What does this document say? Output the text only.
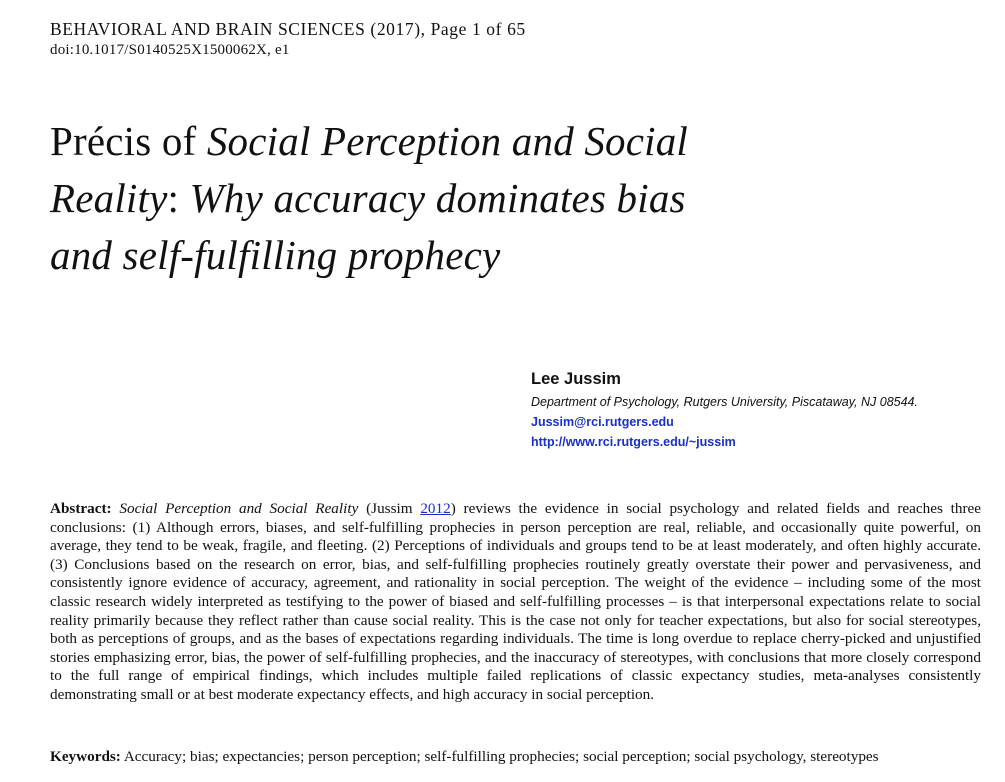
BEHAVIORAL AND BRAIN SCIENCES (2017), Page 1 of 65
doi:10.1017/S0140525X1500062X, e1
Précis of Social Perception and Social
Reality: Why accuracy dominates bias
and self-fulfilling prophecy
Lee Jussim
Department of Psychology, Rutgers University, Piscataway, NJ 08544.
Jussim@rci.rutgers.edu
http://www.rci.rutgers.edu/~jussim

Abstract: Social Perception and Social Reality (Jussim 2012) reviews the evidence in social psychology and related fields and reaches three conclusions: (1) Although errors, biases, and self-fulfilling prophecies in person perception are real, reliable, and occasionally quite powerful, on average, they tend to be weak, fragile, and fleeting. (2) Perceptions of individuals and groups tend to be at least moderately, and often highly accurate. (3) Conclusions based on the research on error, bias, and self-fulfilling prophecies routinely greatly overstate their power and pervasiveness, and consistently ignore evidence of accuracy, agreement, and rationality in social perception. The weight of the evidence – including some of the most classic research widely interpreted as testifying to the power of biased and self-fulfilling processes – is that interpersonal expectations relate to social reality primarily because they reflect rather than cause social reality. This is the case not only for teacher expectations, but also for social stereotypes, both as perceptions of groups, and as the bases of expectations regarding individuals. The time is long overdue to replace cherry-picked and unjustified stories emphasizing error, bias, the power of self-fulfilling prophecies, and the inaccuracy of stereotypes, with conclusions that more closely correspond to the full range of empirical findings, which includes multiple failed replications of classic expectancy studies, meta-analyses consistently demonstrating small or at best moderate expectancy effects, and high accuracy in social perception.

Keywords: Accuracy; bias; expectancies; person perception; self-fulfilling prophecies; social perception; social psychology, stereotypes
